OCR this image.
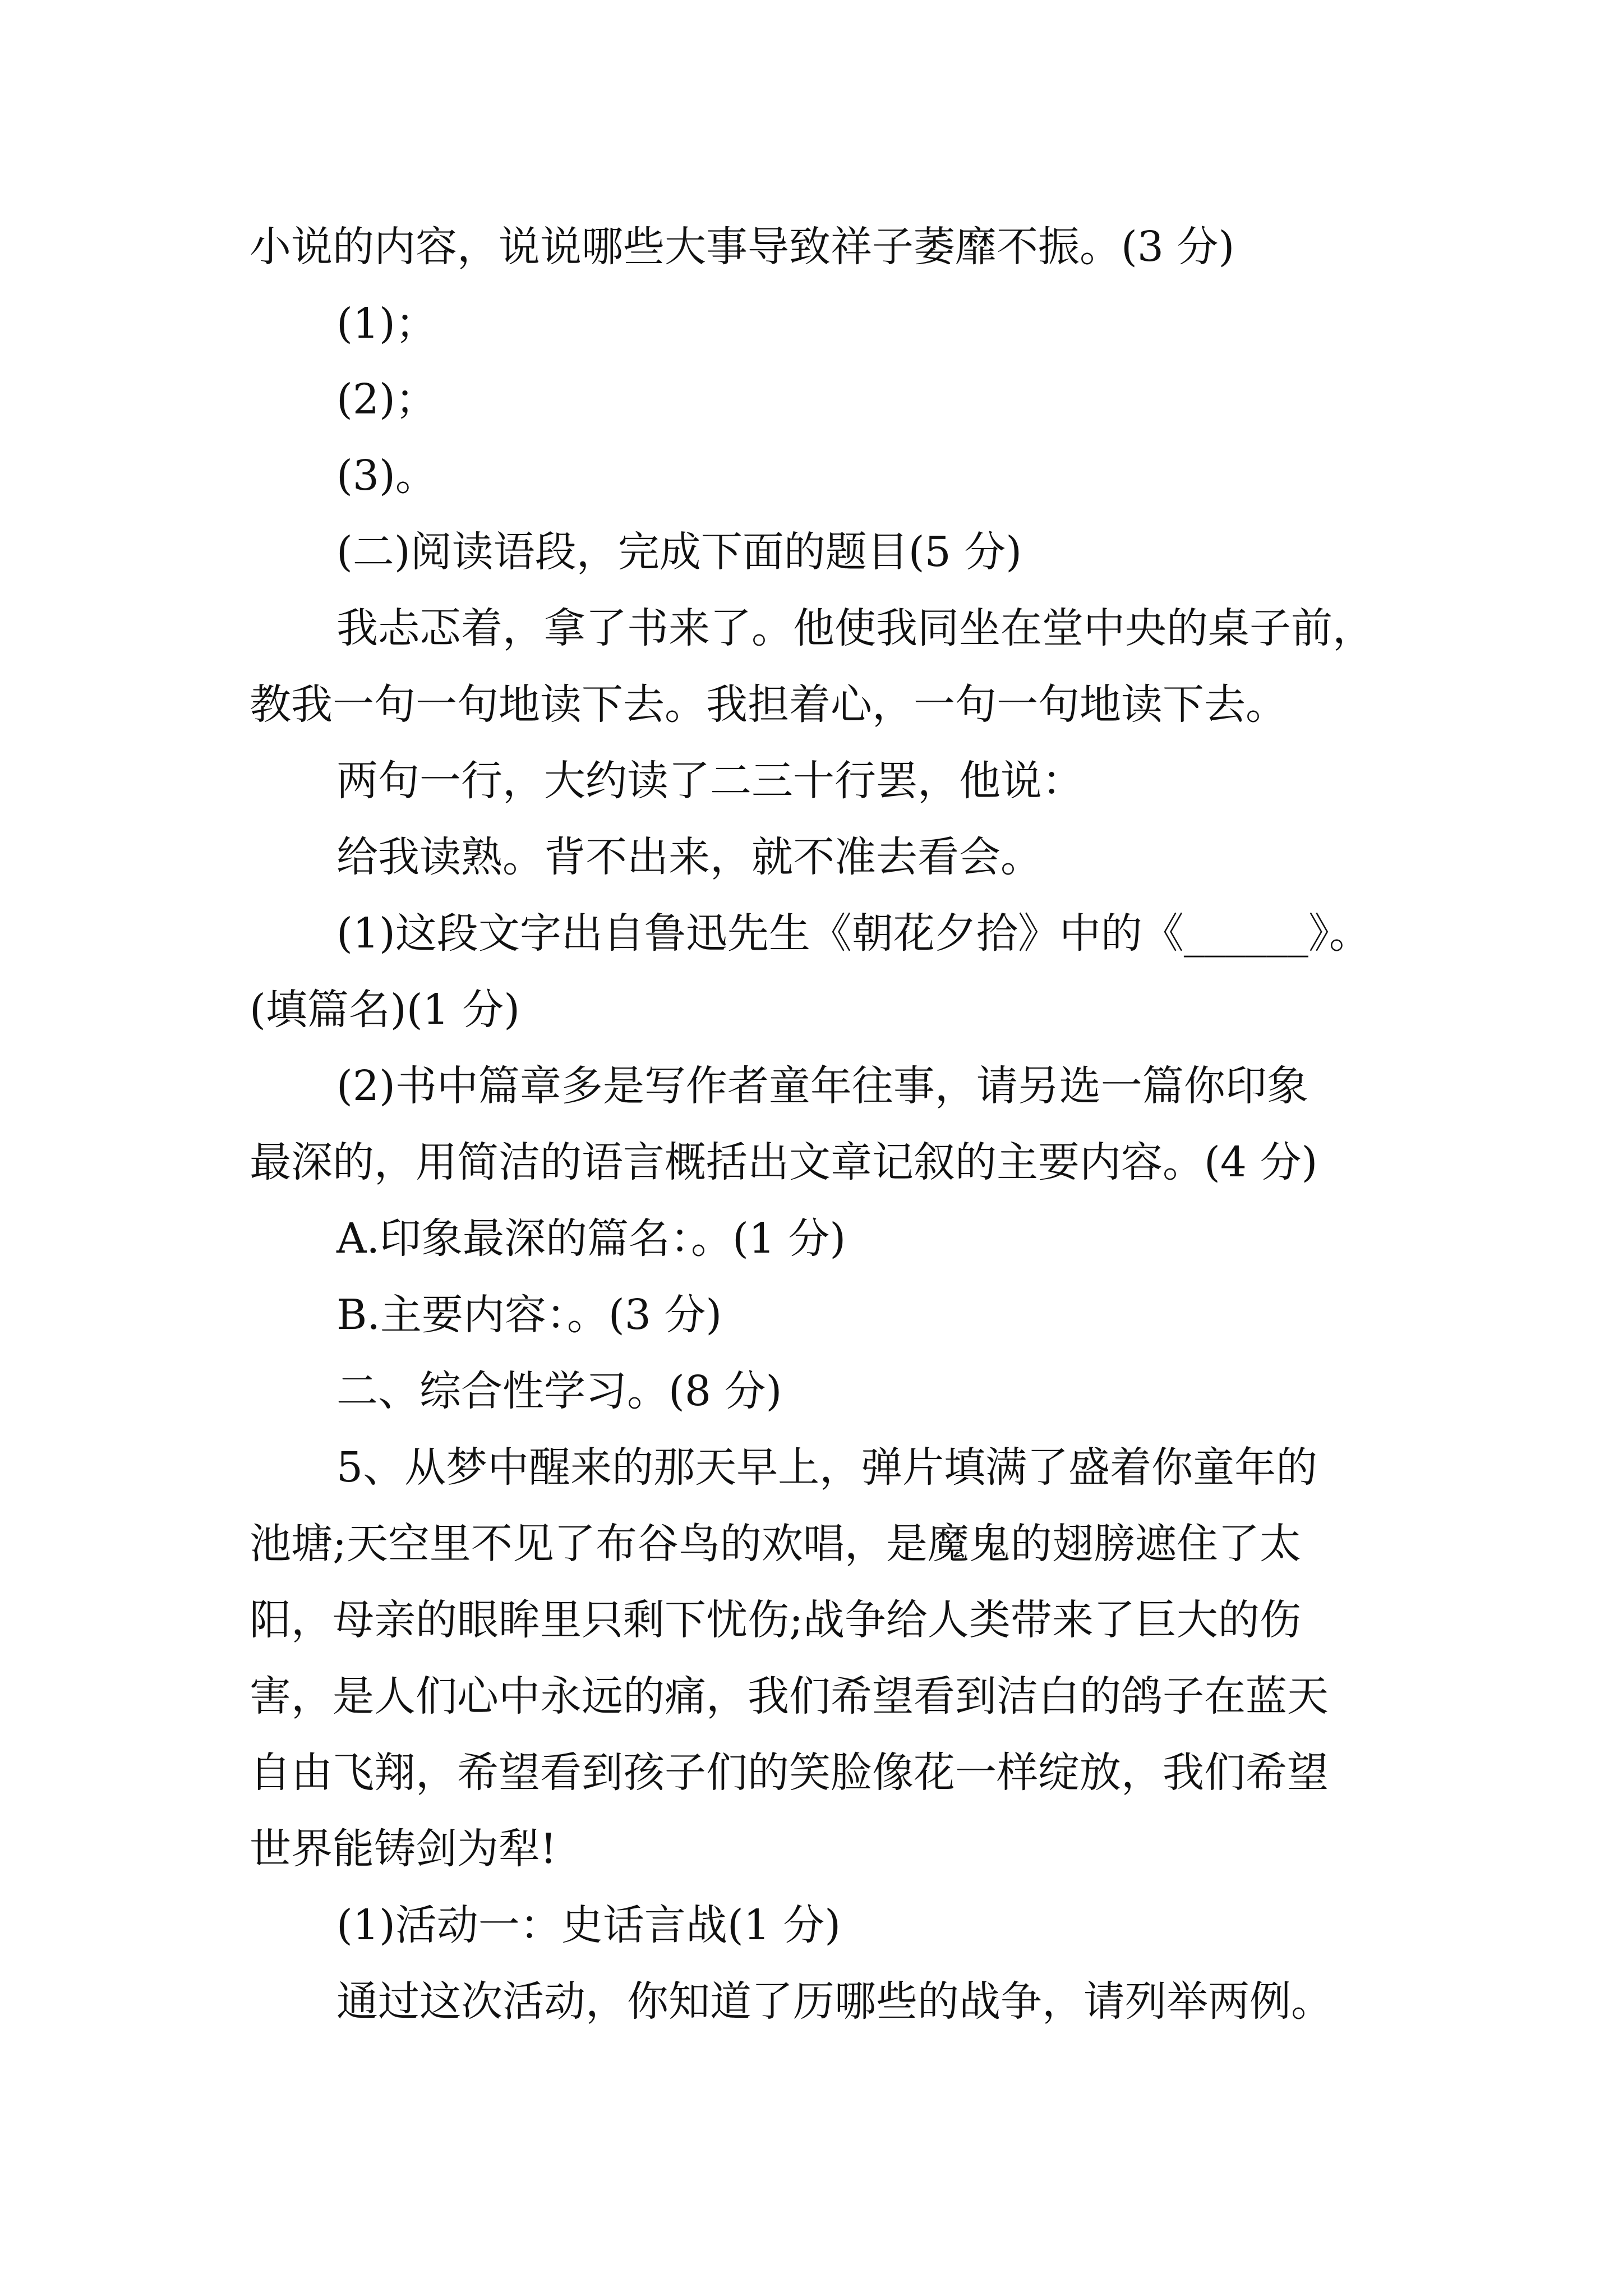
小说的内容，说说哪些大事导致祥子萎靡不振。(3 分)
(1)；
(2)；
(3)。
(二)阅读语段，完成下面的题目(5 分)
我忐忑着，拿了书来了。他使我同坐在堂中央的桌子前，
教我一句一句地读下去。我担着心，一句一句地读下去。
两句一行，大约读了二三十行罢，他说：
给我读熟。背不出来，就不准去看会。
(1)这段文字出自鲁迅先生《朝花夕拾》中的《______》。
(填篇名)(1 分)
(2)书中篇章多是写作者童年往事，请另选一篇你印象
最深的，用简洁的语言概括出文章记叙的主要内容。(4 分)
A.印象最深的篇名：。(1 分)
B.主要内容：。(3 分)
二、综合性学习。(8 分)
5、从梦中醒来的那天早上，弹片填满了盛着你童年的
池塘;天空里不见了布谷鸟的欢唱，是魔鬼的翅膀遮住了太
阳，母亲的眼眸里只剩下忧伤;战争给人类带来了巨大的伤
害，是人们心中永远的痛，我们希望看到洁白的鸽子在蓝天
自由飞翔，希望看到孩子们的笑脸像花一样绽放，我们希望
世界能铸剑为犁!
(1)活动一：史话言战(1 分)
通过这次活动，你知道了历哪些的战争，请列举两例。
